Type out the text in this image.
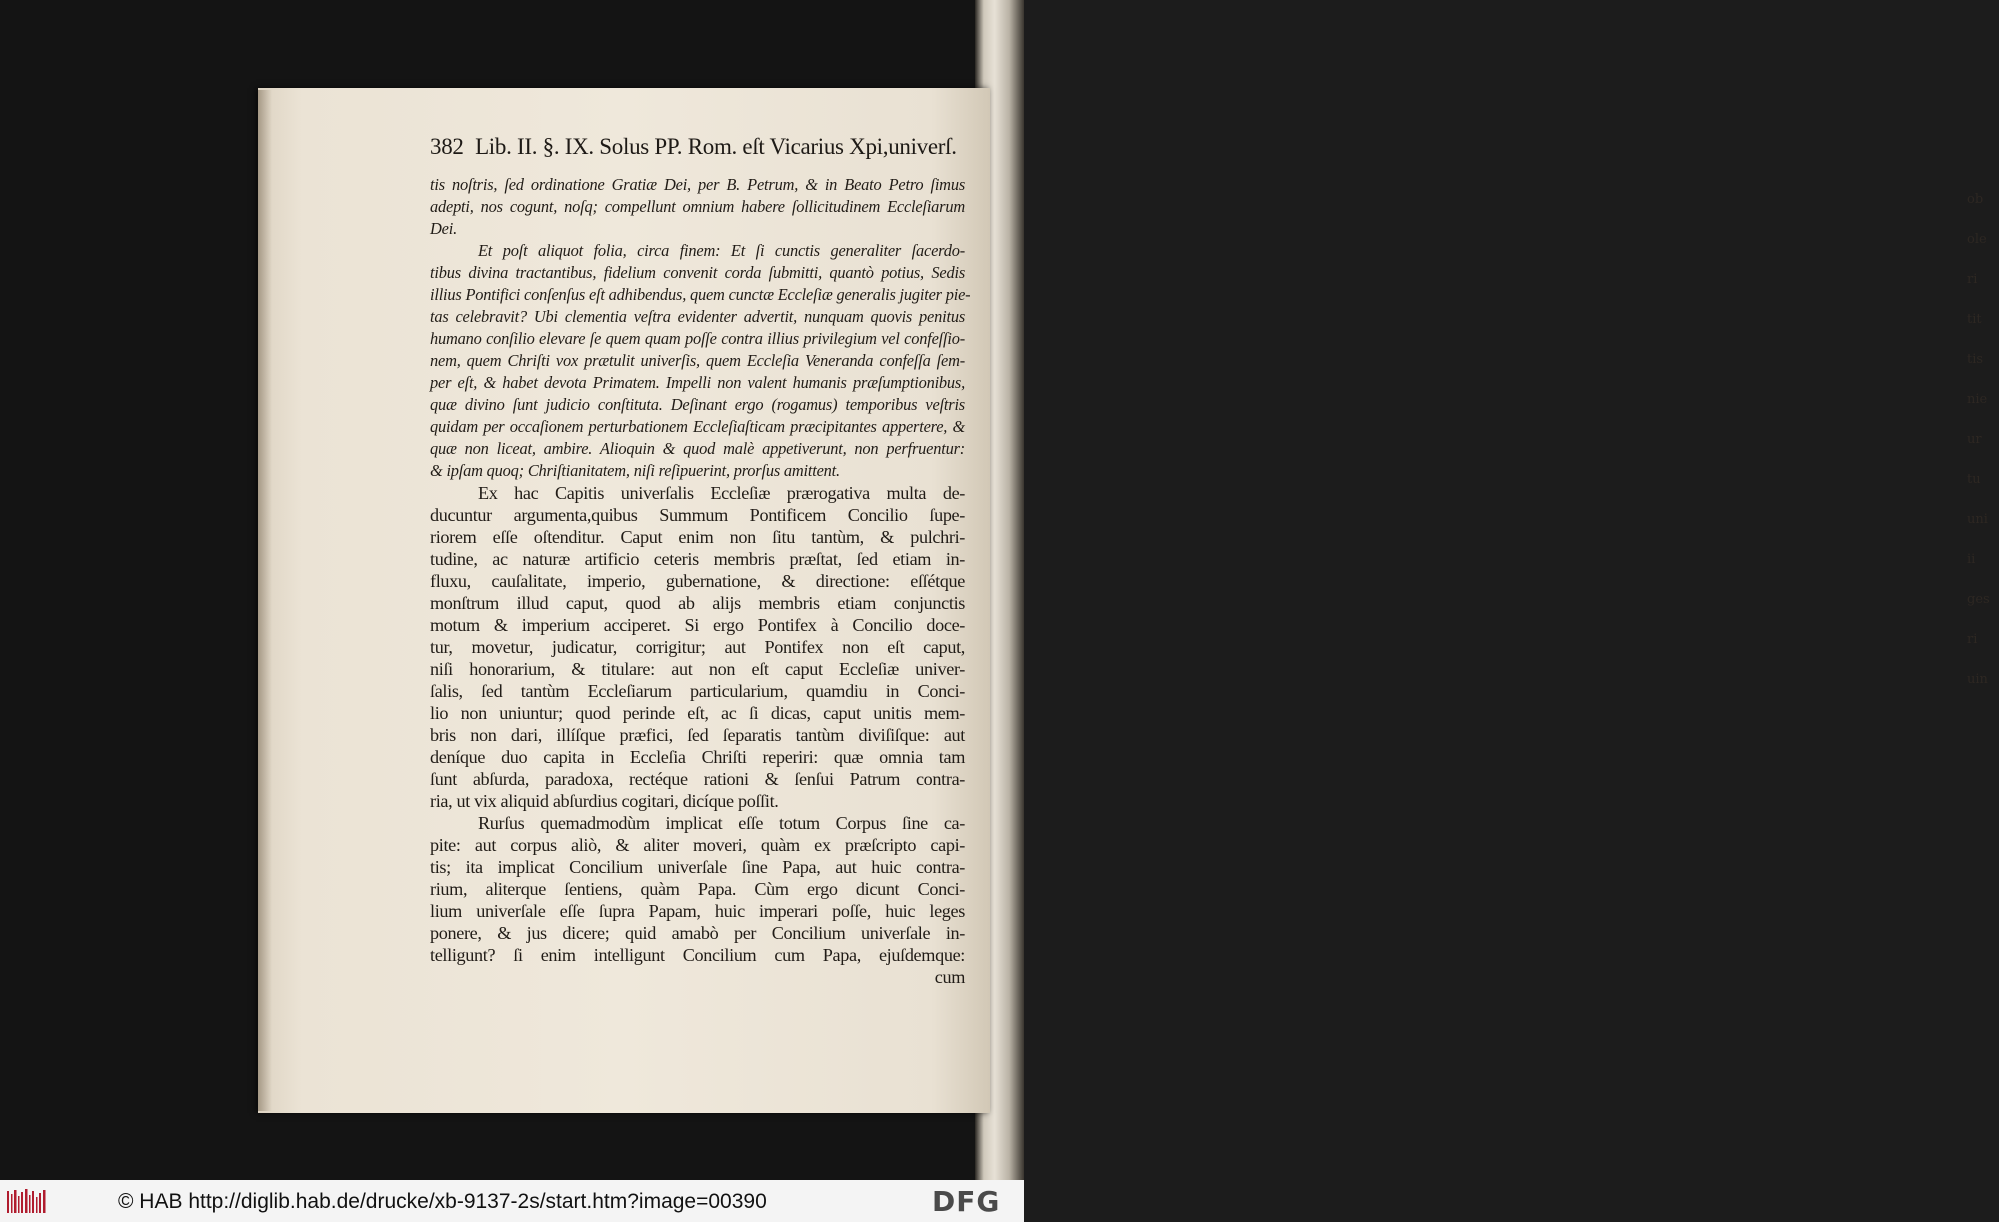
ob
ole
ri
tit
tis
nie
ur
tu
uni
ii
ges
ri
uin
382 Lib. II. §. IX. Solus PP. Rom. eſt Vicarius Xpi,univerſ.
tis noſtris, ſed ordinatione Gratiæ Dei, per B. Petrum, & in Beato Petro ſimus
adepti, nos cogunt, noſq; compellunt omnium habere ſollicitudinem Eccleſiarum
Dei.
Et poſt aliquot folia, circa finem: Et ſi cunctis generaliter ſacerdo-
tibus divina tractantibus, fidelium convenit corda ſubmitti, quantò potius, Sedis
illius Pontifici conſenſus eſt adhibendus, quem cunctæ Eccleſiæ generalis jugiter pie-
tas celebravit? Ubi clementia veſtra evidenter advertit, nunquam quovis penitus
humano conſilio elevare ſe quem quam poſſe contra illius privilegium vel confeſſio-
nem, quem Chriſti vox prætulit univerſis, quem Eccleſia Veneranda confeſſa ſem-
per eſt, & habet devota Primatem. Impelli non valent humanis præſumptionibus,
quæ divino ſunt judicio conſtituta. Deſinant ergo (rogamus) temporibus veſtris
quidam per occaſionem perturbationem Eccleſiaſticam præcipitantes appertere, &
quæ non liceat, ambire. Alioquin & quod malè appetiverunt, non perfruentur:
& ipſam quoq; Chriſtianitatem, niſi reſipuerint, prorſus amittent.
Ex hac Capitis univerſalis Eccleſiæ prærogativa multa de-
ducuntur argumenta,quibus Summum Pontificem Concilio ſupe-
riorem eſſe oſtenditur. Caput enim non ſitu tantùm, & pulchri-
tudine, ac naturæ artificio ceteris membris præſtat, ſed etiam in-
fluxu, cauſalitate, imperio, gubernatione, & directione: eſſétque
monſtrum illud caput, quod ab alijs membris etiam conjunctis
motum & imperium acciperet. Si ergo Pontifex à Concilio doce-
tur, movetur, judicatur, corrigitur; aut Pontifex non eſt caput,
niſi honorarium, & titulare: aut non eſt caput Eccleſiæ univer-
ſalis, ſed tantùm Eccleſiarum particularium, quamdiu in Conci-
lio non uniuntur; quod perinde eſt, ac ſi dicas, caput unitis mem-
bris non dari, illíſque præfici, ſed ſeparatis tantùm diviſiſque: aut
deníque duo capita in Eccleſia Chriſti reperiri: quæ omnia tam
ſunt abſurda, paradoxa, rectéque rationi & ſenſui Patrum contra-
ria, ut vix aliquid abſurdius cogitari, dicíque poſſit.
Rurſus quemadmodùm implicat eſſe totum Corpus ſine ca-
pite: aut corpus aliò, & aliter moveri, quàm ex præſcripto capi-
tis; ita implicat Concilium univerſale ſine Papa, aut huic contra-
rium, aliterque ſentiens, quàm Papa. Cùm ergo dicunt Conci-
lium univerſale eſſe ſupra Papam, huic imperari poſſe, huic leges
ponere, & jus dicere; quid amabò per Concilium univerſale in-
telligunt? ſi enim intelligunt Concilium cum Papa, ejuſdemque:
cum
© HAB http://diglib.hab.de/drucke/xb-9137-2s/start.htm?image=00390	DFG
